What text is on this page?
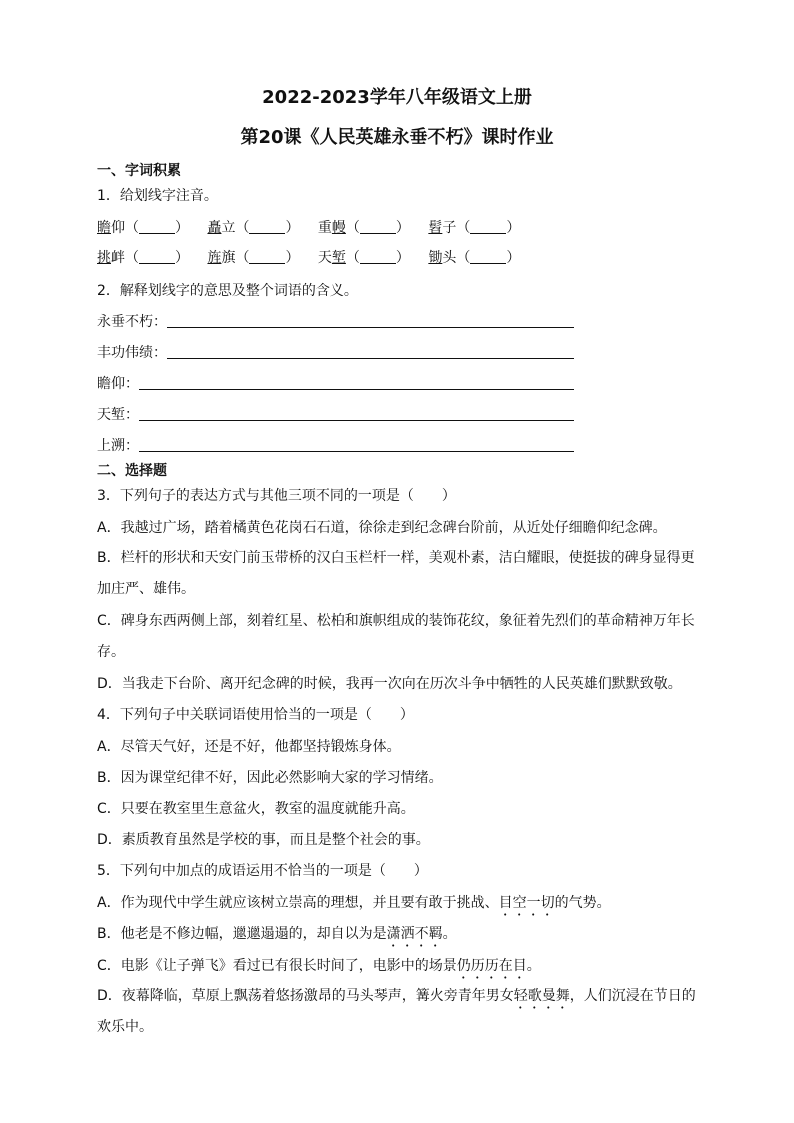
2022-2023学年八年级语文上册
第20课《人民英雄永垂不朽》课时作业
一、字词积累
1．给划线字注音。
瞻仰（	） 矗立（	） 重幔（	） 髫子（	）
挑衅（	） 旌旗（	） 天堑（	） 锄头（	）
2．解释划线字的意思及整个词语的含义。
永垂不朽：
丰功伟绩：
瞻仰：
天堑：
上溯：
二、选择题
3．下列句子的表达方式与其他三项不同的一项是（　　）
A．我越过广场，踏着橘黄色花岗石石道，徐徐走到纪念碑台阶前，从近处仔细瞻仰纪念碑。
B．栏杆的形状和天安门前玉带桥的汉白玉栏杆一样，美观朴素，洁白耀眼，使挺拔的碑身显得更加庄严、雄伟。
C．碑身东西两侧上部，刻着红星、松柏和旗帜组成的装饰花纹，象征着先烈们的革命精神万年长存。
D．当我走下台阶、离开纪念碑的时候，我再一次向在历次斗争中牺牲的人民英雄们默默致敬。
4．下列句子中关联词语使用恰当的一项是（　　）
A．尽管天气好，还是不好，他都坚持锻炼身体。
B．因为课堂纪律不好，因此必然影响大家的学习情绪。
C．只要在教室里生意盆火，教室的温度就能升高。
D．素质教育虽然是学校的事，而且是整个社会的事。
5．下列句中加点的成语运用不恰当的一项是（　　）
A．作为现代中学生就应该树立崇高的理想，并且要有敢于挑战、目空一切的气势。
B．他老是不修边幅，邋邋遢遢的，却自以为是潇洒不羁。
C．电影《让子弹飞》看过已有很长时间了，电影中的场景仍历历在目。
D．夜幕降临，草原上飘荡着悠扬激昂的马头琴声，篝火旁青年男女轻歌曼舞，人们沉浸在节日的欢乐中。
